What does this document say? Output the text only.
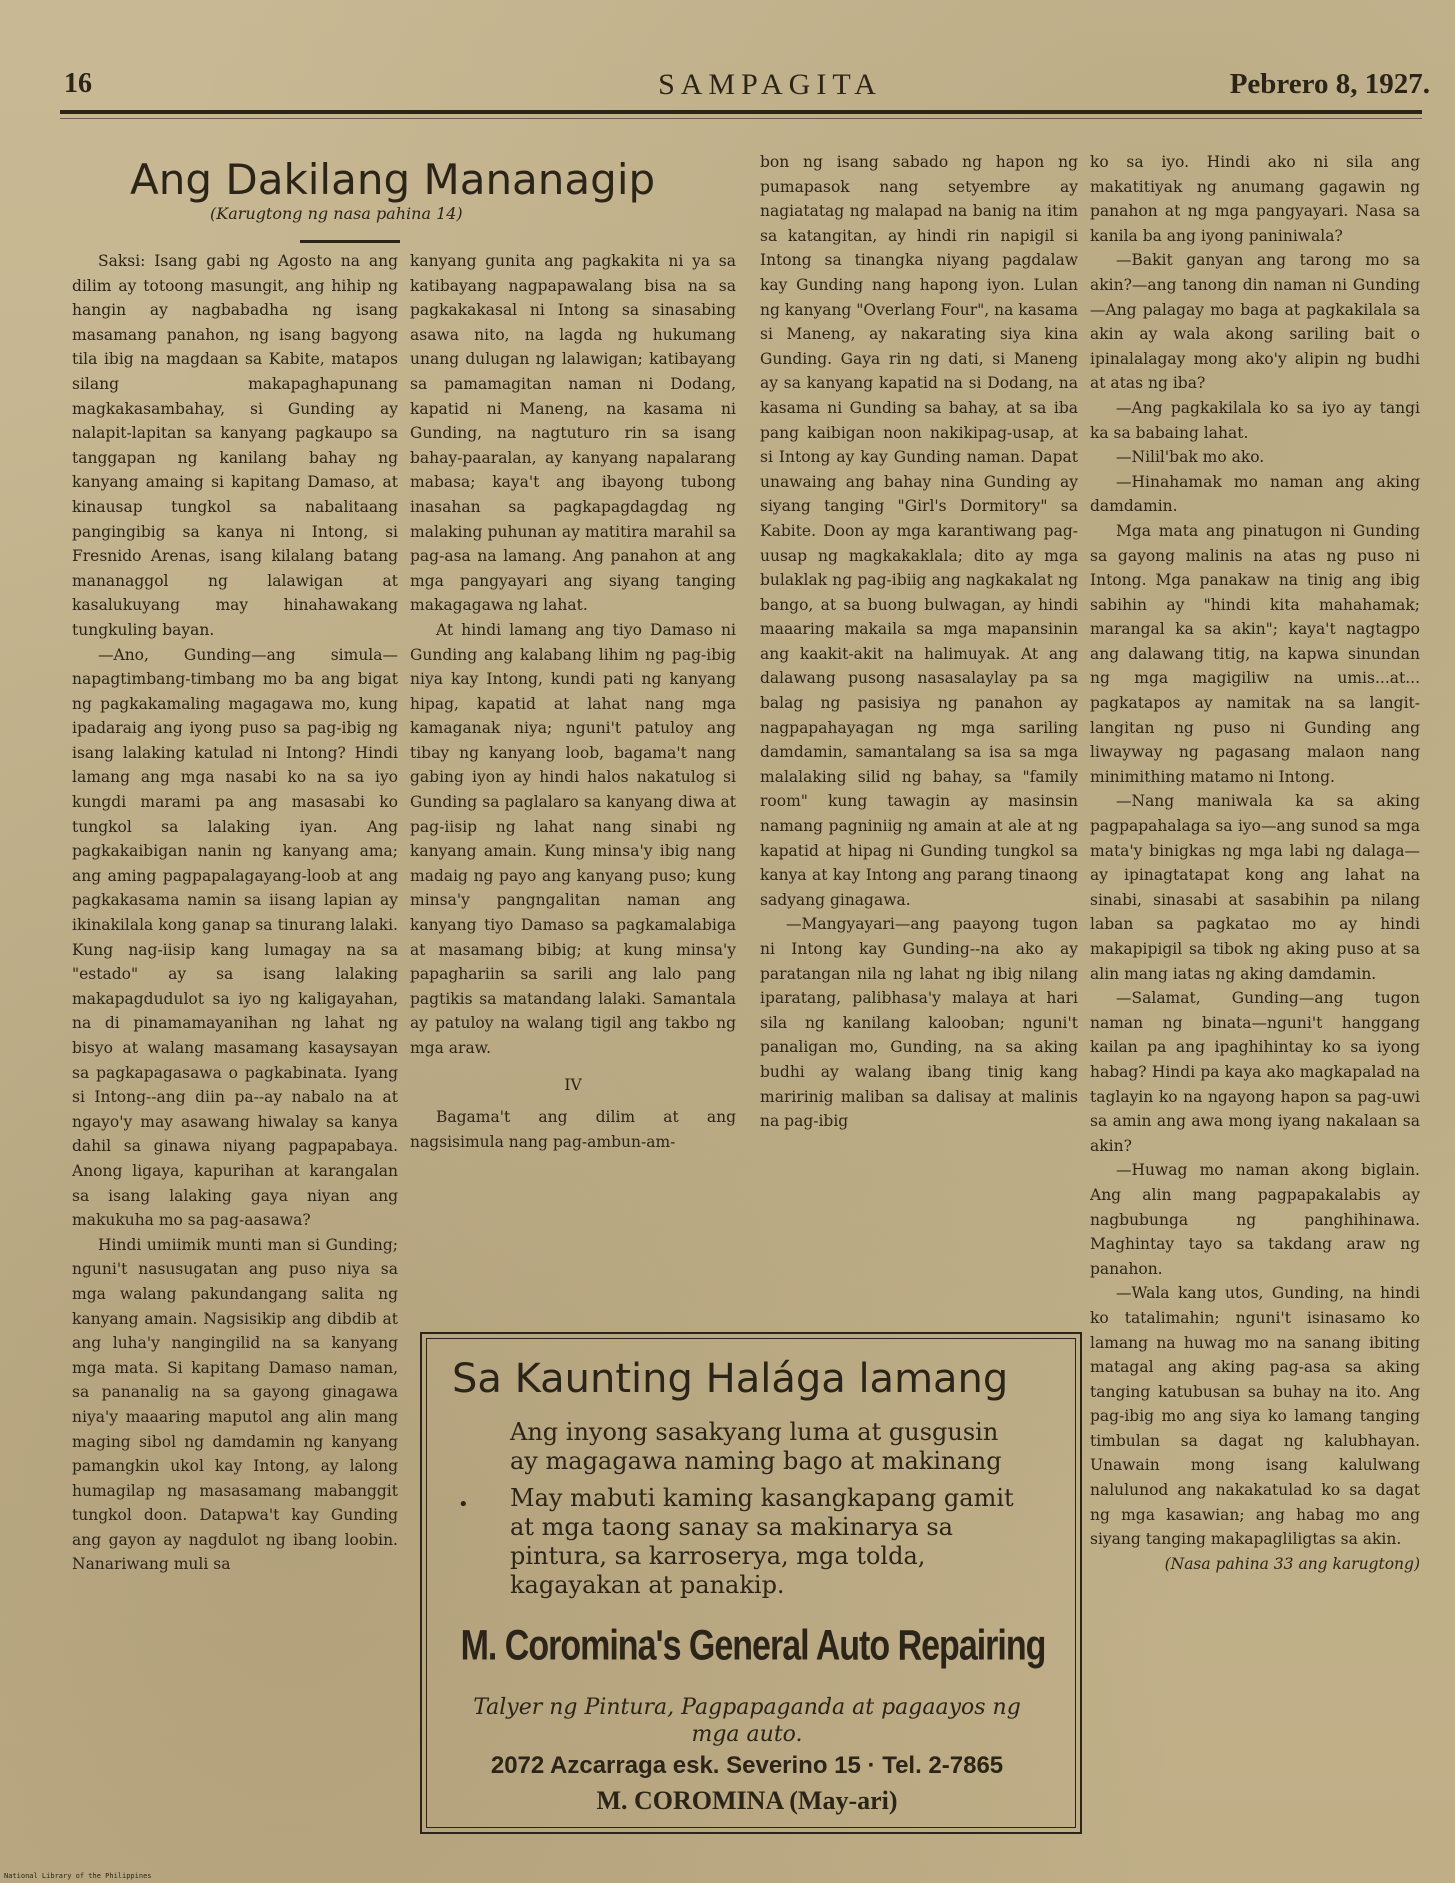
16	SAMPAGITA	Pebrero 8, 1927.
Ang Dakilang Mananagip
(Karugtong ng nasa pahina 14)

Saksi: Isang gabi ng Agosto na ang dilim ay totoong masungit, ang hihip ng hangin ay nagbabadha ng isang masamang panahon, ng isang bagyong tila ibig na magdaan sa Kabite, matapos silang makapaghapunang magkakasambahay, si Gunding ay nalapit-lapitan sa kanyang pagkaupo sa tanggapan ng kanilang bahay ng kanyang amaing si kapitang Damaso, at kinausap tungkol sa nabalitaang pangingibig sa kanya ni Intong, si Fresnido Arenas, isang kilalang batang mananaggol ng lalawigan at kasalukuyang may hinahawakang tungkuling bayan.

—Ano, Gunding—ang simula—napagtimbang-timbang mo ba ang bigat ng pagkakamaling magagawa mo, kung ipadaraig ang iyong puso sa pag-ibig ng isang lalaking katulad ni Intong? Hindi lamang ang mga nasabi ko na sa iyo kungdi marami pa ang masasabi ko tungkol sa lalaking iyan. Ang pagkakaibigan nanin ng kanyang ama; ang aming pagpapalagayang-loob at ang pagkakasama namin sa iisang lapian ay ikinakilala kong ganap sa tinurang lalaki. Kung nag-iisip kang lumagay na sa "estado" ay sa isang lalaking makapagdudulot sa iyo ng kaligayahan, na di pinamamayanihan ng lahat ng bisyo at walang masamang kasaysayan sa pagkapagasawa o pagkabinata. Iyang si Intong--ang diin pa--ay nabalo na at ngayo'y may asawang hiwalay sa kanya dahil sa ginawa niyang pagpapabaya. Anong ligaya, kapurihan at karangalan sa isang lalaking gaya niyan ang makukuha mo sa pag-aasawa?

Hindi umiimik munti man si Gunding; nguni't nasusugatan ang puso niya sa mga walang pakundangang salita ng kanyang amain. Nagsisikip ang dibdib at ang luha'y nangingilid na sa kanyang mga mata. Si kapitang Damaso naman, sa pananalig na sa gayong ginagawa niya'y maaaring maputol ang alin mang maging sibol ng damdamin ng kanyang pamangkin ukol kay Intong, ay lalong humagilap ng masasamang mabanggit tungkol doon. Datapwa't kay Gunding ang gayon ay nagdulot ng ibang loobin. Nanariwang muli sa

kanyang gunita ang pagkakita ni ya sa katibayang nagpapawalang bisa na sa pagkakakasal ni Intong sa sinasabing asawa nito, na lagda ng hukumang unang dulugan ng lalawigan; katibayang sa pamamagitan naman ni Dodang, kapatid ni Maneng, na kasama ni Gunding, na nagtuturo rin sa isang bahay-paaralan, ay kanyang napalarang mabasa; kaya't ang ibayong tubong inasahan sa pagkapagdagdag ng malaking puhunan ay matitira marahil sa pag-asa na lamang. Ang panahon at ang mga pangyayari ang siyang tanging makagagawa ng lahat.

At hindi lamang ang tiyo Damaso ni Gunding ang kalabang lihim ng pag-ibig niya kay Intong, kundi pati ng kanyang hipag, kapatid at lahat nang mga kamaganak niya; nguni't patuloy ang tibay ng kanyang loob, bagama't nang gabing iyon ay hindi halos nakatulog si Gunding sa paglalaro sa kanyang diwa at pag-iisip ng lahat nang sinabi ng kanyang amain. Kung minsa'y ibig nang madaig ng payo ang kanyang puso; kung minsa'y pangngalitan naman ang kanyang tiyo Damaso sa pagkamalabiga at masamang bibig; at kung minsa'y papaghariin sa sarili ang lalo pang pagtikis sa matandang lalaki. Samantala ay patuloy na walang tigil ang takbo ng mga araw.

IV

Bagama't ang dilim at ang nagsisimula nang pag-ambun-am-

bon ng isang sabado ng hapon ng pumapasok nang setyembre ay nagiatatag ng malapad na banig na itim sa katangitan, ay hindi rin napigil si Intong sa tinangka niyang pagdalaw kay Gunding nang hapong iyon. Lulan ng kanyang "Overlang Four", na kasama si Maneng, ay nakarating siya kina Gunding. Gaya rin ng dati, si Maneng ay sa kanyang kapatid na si Dodang, na kasama ni Gunding sa bahay, at sa iba pang kaibigan noon nakikipag-usap, at si Intong ay kay Gunding naman. Dapat unawaing ang bahay nina Gunding ay siyang tanging "Girl's Dormitory" sa Kabite. Doon ay mga karantiwang pag-uusap ng magkakaklala; dito ay mga bulaklak ng pag-ibiig ang nagkakalat ng bango, at sa buong bulwagan, ay hindi maaaring makaila sa mga mapansinin ang kaakit-akit na halimuyak. At ang dalawang pusong nasasalaylay pa sa balag ng pasisiya ng panahon ay nagpapahayagan ng mga sariling damdamin, samantalang sa isa sa mga malalaking silid ng bahay, sa "family room" kung tawagin ay masinsin namang pagniniig ng amain at ale at ng kapatid at hipag ni Gunding tungkol sa kanya at kay Intong ang parang tinaong sadyang ginagawa.

—Mangyayari—ang paayong tugon ni Intong kay Gunding--na ako ay paratangan nila ng lahat ng ibig nilang iparatang, palibhasa'y malaya at hari sila ng kanilang kalooban; nguni't panaligan mo, Gunding, na sa aking budhi ay walang ibang tinig kang maririnig maliban sa dalisay at malinis na pag-ibig

ko sa iyo. Hindi ako ni sila ang makatitiyak ng anumang gagawin ng panahon at ng mga pangyayari. Nasa sa kanila ba ang iyong paniniwala?

—Bakit ganyan ang tarong mo sa akin?—ang tanong din naman ni Gunding—Ang palagay mo baga at pagkakilala sa akin ay wala akong sariling bait o ipinalalagay mong ako'y alipin ng budhi at atas ng iba?

—Ang pagkakilala ko sa iyo ay tangi ka sa babaing lahat.

—Nilil'bak mo ako.

—Hinahamak mo naman ang aking damdamin.

Mga mata ang pinatugon ni Gunding sa gayong malinis na atas ng puso ni Intong. Mga panakaw na tinig ang ibig sabihin ay "hindi kita mahahamak; marangal ka sa akin"; kaya't nagtagpo ang dalawang titig, na kapwa sinundan ng mga magigiliw na umis...at... pagkatapos ay namitak na sa langit-langitan ng puso ni Gunding ang liwayway ng pagasang malaon nang minimithing matamo ni Intong.

—Nang maniwala ka sa aking pagpapahalaga sa iyo—ang sunod sa mga mata'y binigkas ng mga labi ng dalaga—ay ipinagtatapat kong ang lahat na sinabi, sinasabi at sasabihin pa nilang laban sa pagkatao mo ay hindi makapipigil sa tibok ng aking puso at sa alin mang iatas ng aking damdamin.

—Salamat, Gunding—ang tugon naman ng binata—nguni't hanggang kailan pa ang ipaghihintay ko sa iyong habag? Hindi pa kaya ako magkapalad na taglayin ko na ngayong hapon sa pag-uwi sa amin ang awa mong iyang nakalaan sa akin?

—Huwag mo naman akong biglain. Ang alin mang pagpapakalabis ay nagbubunga ng panghihinawa. Maghintay tayo sa takdang araw ng panahon.

—Wala kang utos, Gunding, na hindi ko tatalimahin; nguni't isinasamo ko lamang na huwag mo na sanang ibiting matagal ang aking pag-asa sa aking tanging katubusan sa buhay na ito. Ang pag-ibig mo ang siya ko lamang tanging timbulan sa dagat ng kalubhayan. Unawain mong isang kalulwang nalulunod ang nakakatulad ko sa dagat ng mga kasawian; ang habag mo ang siyang tanging makapagliligtas sa akin.

(Nasa pahina 33 ang karugtong)

Sa Kaunting Halága lamang
Ang inyong sasakyang luma at gusgusin ay magagawa naming bago at makinang
• May mabuti kaming kasangkapang gamit at mga taong sanay sa makinarya sa pintura, sa karroserya, mga tolda, kagayakan at panakip.
M. Coromina's General Auto Repairing
Talyer ng Pintura, Pagpapaganda at pagaayos ng mga auto.
2072 Azcarraga esk. Severino 15 · Tel. 2-7865
M. COROMINA (May-ari)
National Library of the Philippines
